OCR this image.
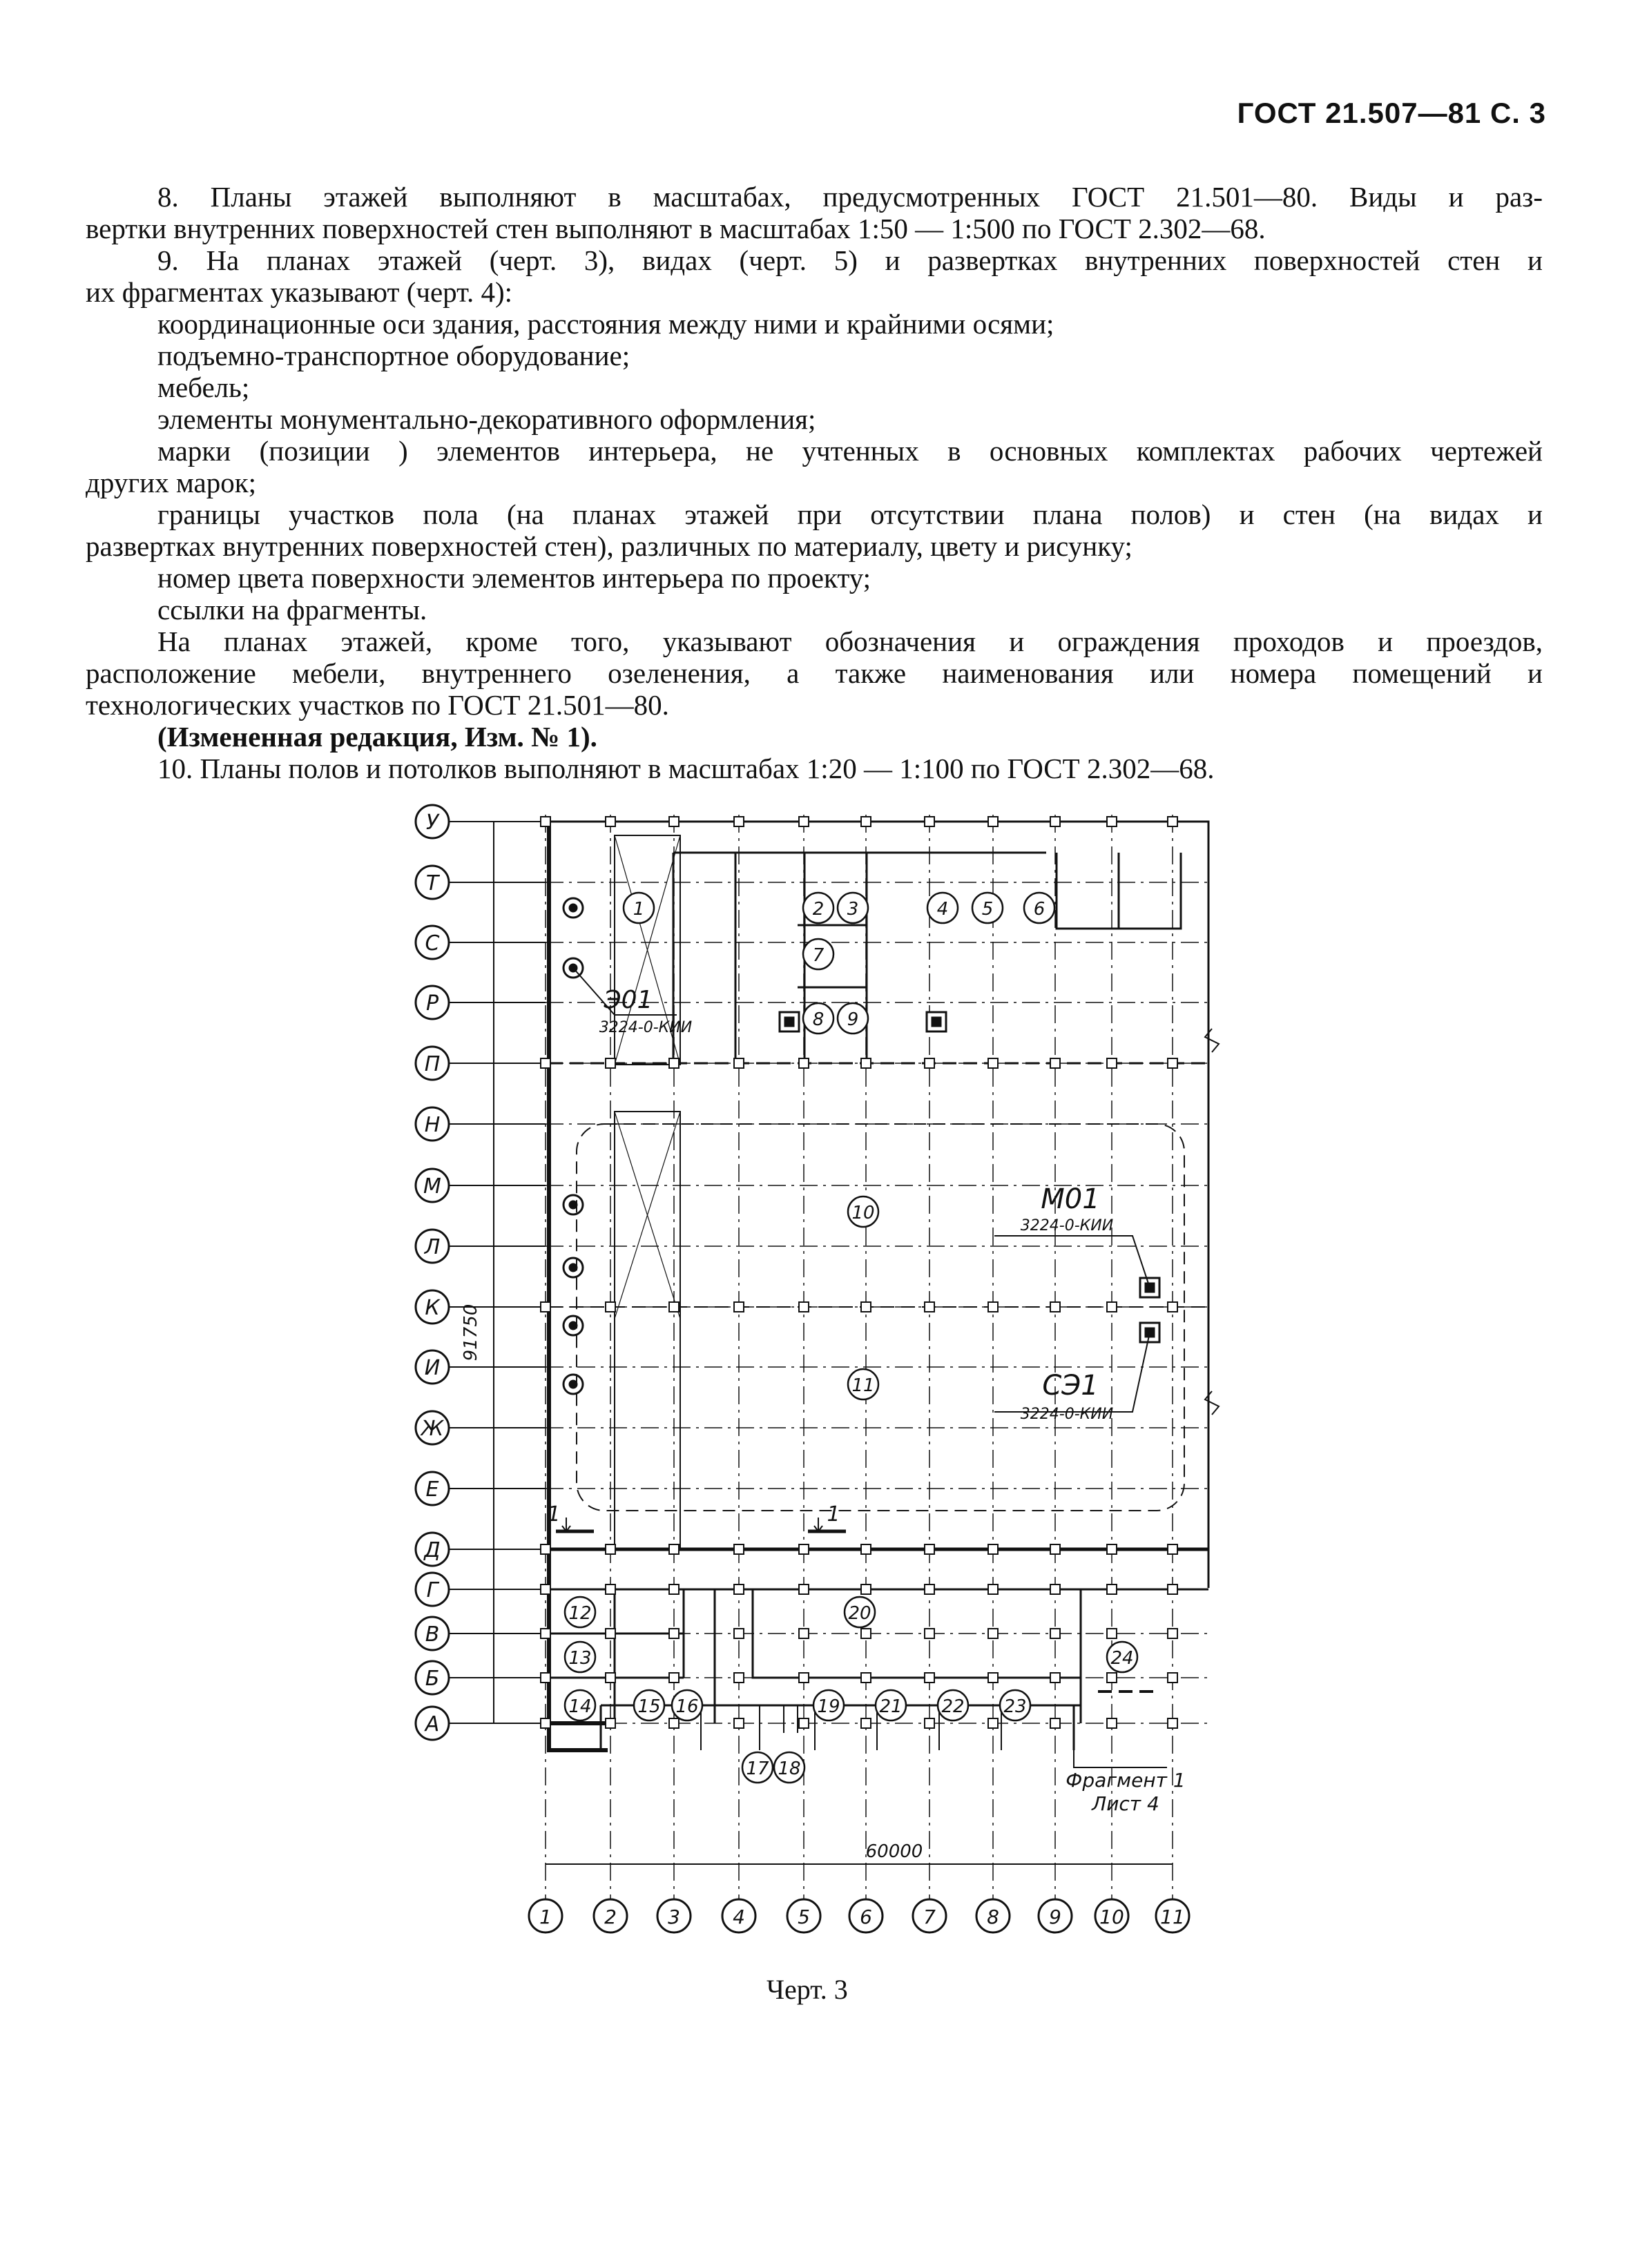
ГОСТ 21.507—81 С. 3

8. Планы этажей выполняют в масштабах, предусмотренных ГОСТ 21.501—80. Виды и раз-

вертки внутренних поверхностей стен выполняют в масштабах 1:50 — 1:500 по ГОСТ 2.302—68.

9. На планах этажей (черт. 3), видах (черт. 5) и развертках внутренних поверхностей стен и

их фрагментах указывают (черт. 4):

координационные оси здания, расстояния между ними и крайними осями;

подъемно-транспортное оборудование;

мебель;

элементы монументально-декоративного оформления;

марки (позиции ) элементов интерьера, не учтенных в основных комплектах рабочих чертежей

других марок;

границы участков пола (на планах этажей при отсутствии плана полов) и стен (на видах и

развертках внутренних поверхностей стен), различных по материалу, цвету и рисунку;

номер цвета поверхности элементов интерьера по проекту;

ссылки на фрагменты.

На планах этажей, кроме того, указывают обозначения и ограждения проходов и проездов,

расположение мебели, внутреннего озеленения, а также наименования или номера помещений и

технологических участков по ГОСТ 21.501—80.

(Измененная редакция, Изм. № 1).

10. Планы полов и потолков выполняют в масштабах 1:20 — 1:100 по ГОСТ 2.302—68.

У
Т
С
Р
П
Н
М
Л
К
И
Ж
Е
Д
Г
В
Б
А
1	2	3	4	5	6	7	8	9 10 11
91750
60000
1	2 3	4 5 6
7
8 9
10
11
12
13
14	15 16
17 18
19
20
21 22 23
24
Э01
3224-0-КИИ
М01
3224-0-КИИ
СЭ1
3224-0-КИИ
1	1
Фрагмент 1
Лист 4
Черт. 3
